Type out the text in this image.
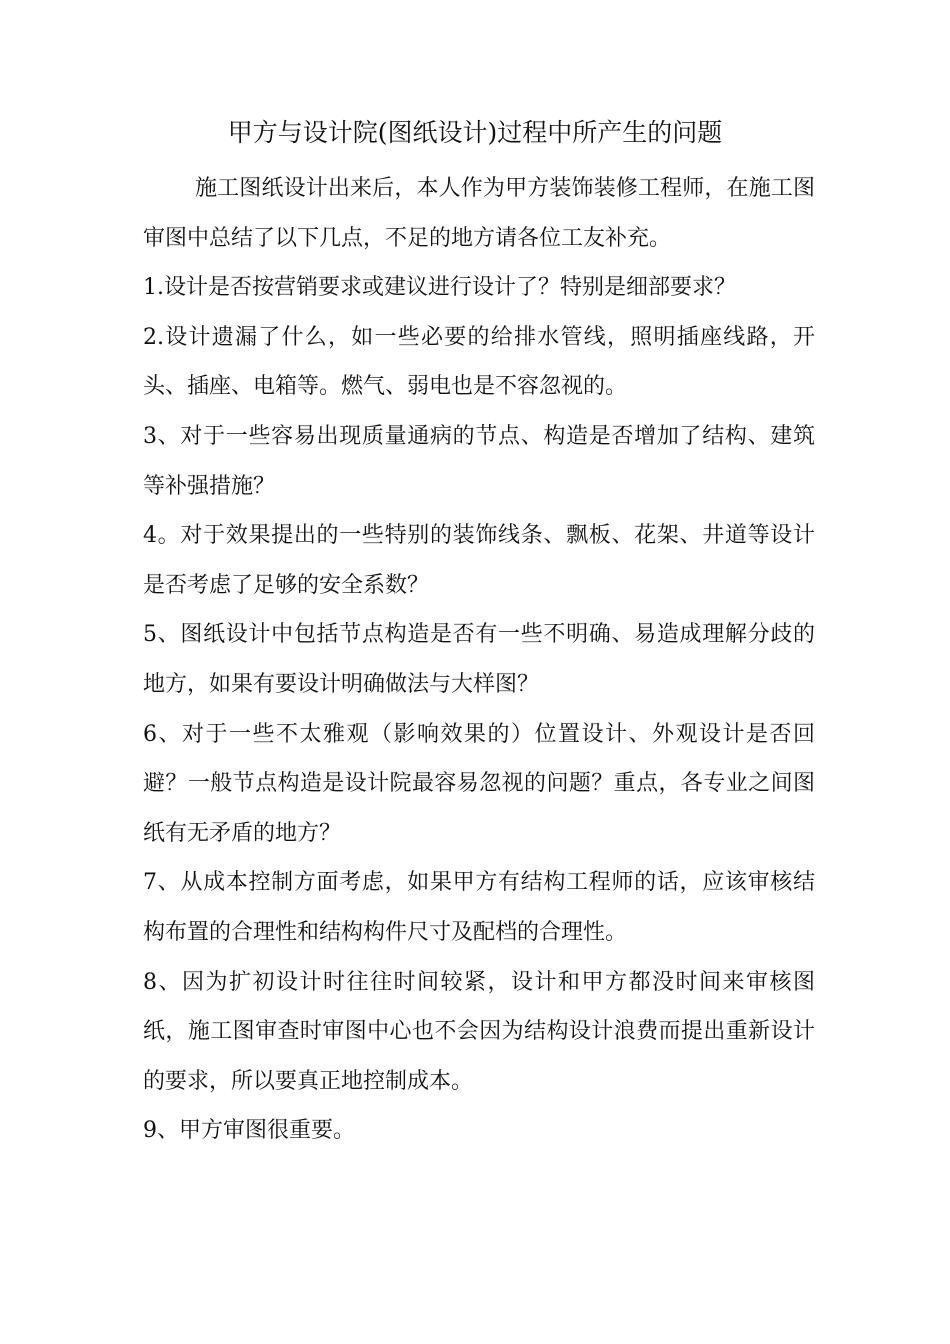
甲方与设计院(图纸设计)过程中所产生的问题

施工图纸设计出来后，本人作为甲方装饰装修工程师，在施工图审图中总结了以下几点，不足的地方请各位工友补充。

1.设计是否按营销要求或建议进行设计了？特别是细部要求？

2.设计遗漏了什么，如一些必要的给排水管线，照明插座线路，开头、插座、电箱等。燃气、弱电也是不容忽视的。

3、对于一些容易出现质量通病的节点、构造是否增加了结构、建筑等补强措施？

4。对于效果提出的一些特别的装饰线条、飘板、花架、井道等设计是否考虑了足够的安全系数？

5、图纸设计中包括节点构造是否有一些不明确、易造成理解分歧的地方，如果有要设计明确做法与大样图？

6、对于一些不太雅观（影响效果的）位置设计、外观设计是否回避？一般节点构造是设计院最容易忽视的问题？重点，各专业之间图纸有无矛盾的地方？

7、从成本控制方面考虑，如果甲方有结构工程师的话，应该审核结构布置的合理性和结构构件尺寸及配档的合理性。

8、因为扩初设计时往往时间较紧，设计和甲方都没时间来审核图纸，施工图审查时审图中心也不会因为结构设计浪费而提出重新设计的要求，所以要真正地控制成本。

9、甲方审图很重要。
